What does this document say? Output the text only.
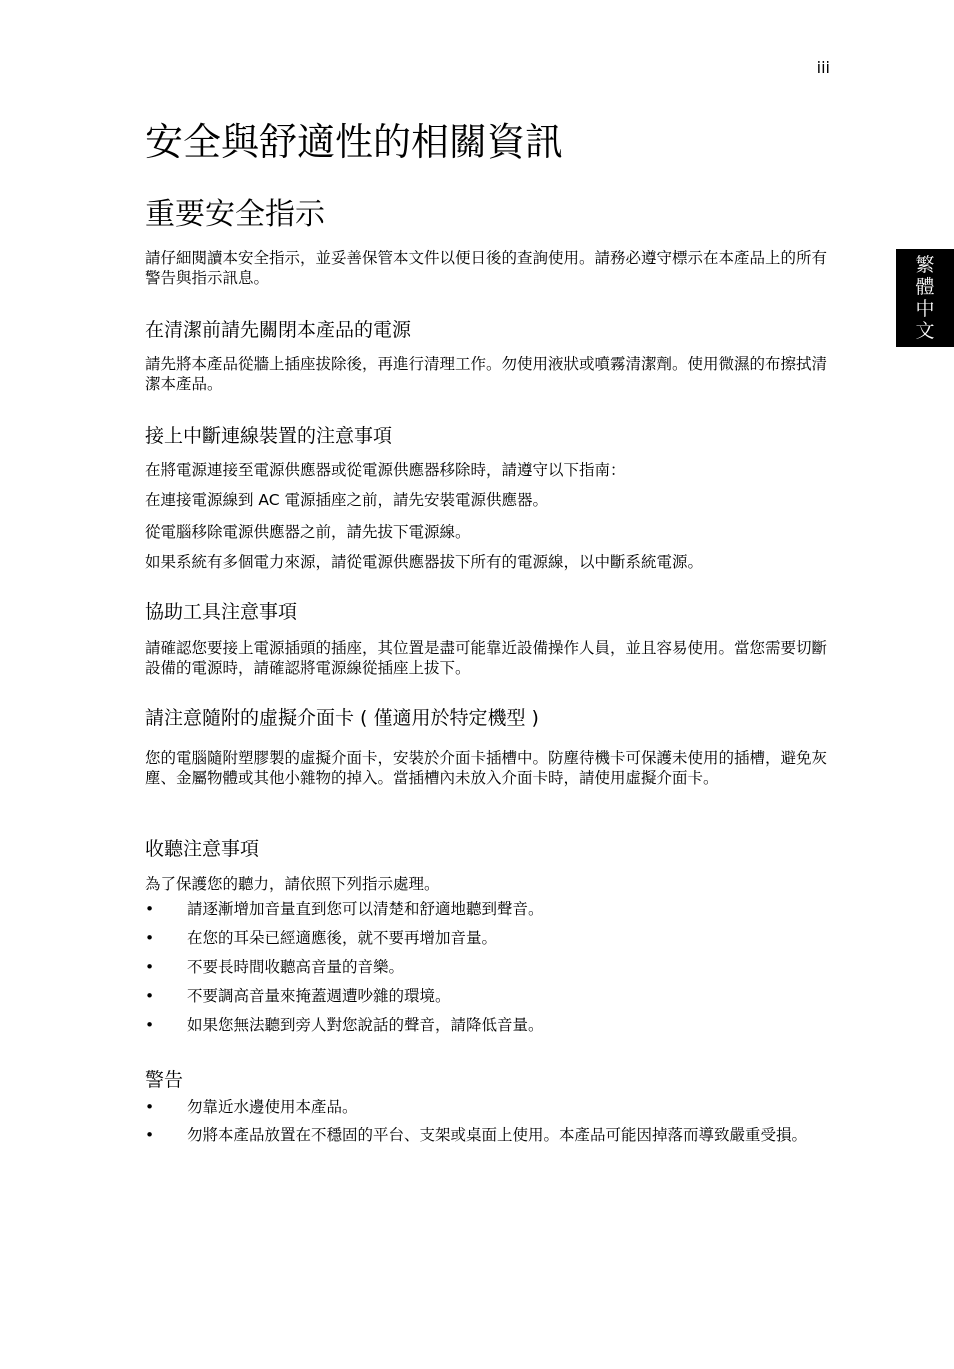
iii
繁
體
中
文
安全與舒適性的相關資訊
重要安全指示

請仔細閱讀本安全指示，並妥善保管本文件以便日後的查詢使用。請務必遵守標示在本產品上的所有警告與指示訊息。

在清潔前請先關閉本產品的電源

請先將本產品從牆上插座拔除後，再進行清理工作。勿使用液狀或噴霧清潔劑。使用微濕的布擦拭清潔本產品。

接上中斷連線裝置的注意事項

在將電源連接至電源供應器或從電源供應器移除時，請遵守以下指南：

在連接電源線到 AC 電源插座之前，請先安裝電源供應器。

從電腦移除電源供應器之前，請先拔下電源線。

如果系統有多個電力來源，請從電源供應器拔下所有的電源線，以中斷系統電源。

協助工具注意事項

請確認您要接上電源插頭的插座，其位置是盡可能靠近設備操作人員，並且容易使用。當您需要切斷設備的電源時，請確認將電源線從插座上拔下。

請注意隨附的虛擬介面卡 ( 僅適用於特定機型 )

您的電腦隨附塑膠製的虛擬介面卡，安裝於介面卡插槽中。防塵待機卡可保護未使用的插槽，避免灰塵、金屬物體或其他小雜物的掉入。當插槽內未放入介面卡時，請使用虛擬介面卡。

收聽注意事項

為了保護您的聽力，請依照下列指示處理。

• 請逐漸增加音量直到您可以清楚和舒適地聽到聲音。
• 在您的耳朵已經適應後，就不要再增加音量。
• 不要長時間收聽高音量的音樂。
• 不要調高音量來掩蓋週遭吵雜的環境。
• 如果您無法聽到旁人對您說話的聲音，請降低音量。
警告
• 勿靠近水邊使用本產品。
• 勿將本產品放置在不穩固的平台、支架或桌面上使用。本產品可能因掉落而導致嚴重受損。
